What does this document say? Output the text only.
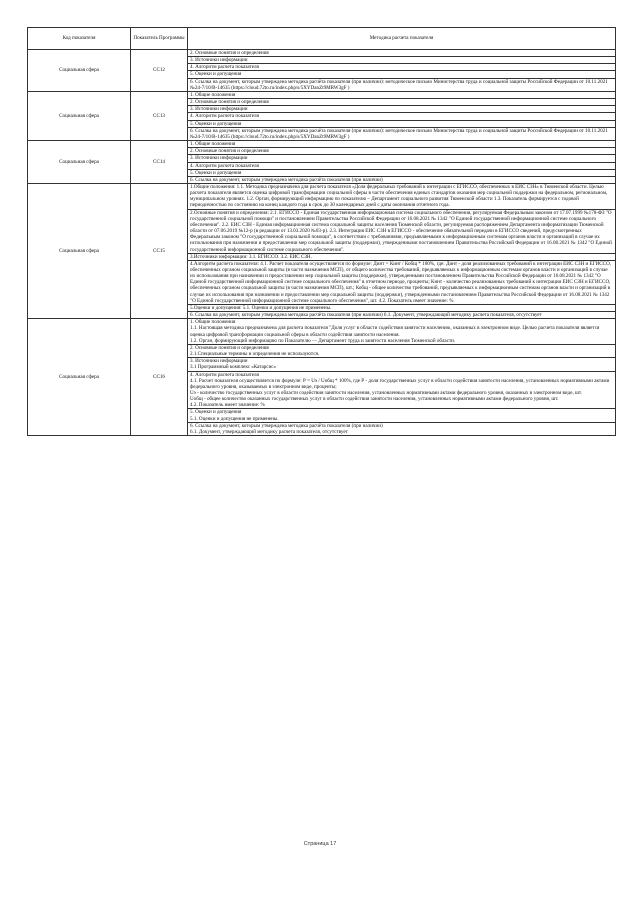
Код показателя	Показатель Программы	Методика расчета показателя
Социальная сфера	СС12	2. Основные понятия и определения
		3. Источники информации
		4. Алгоритм расчета показателя
		5. Оценки и допущения
		6. Ссылка на документ, которым утверждена методика расчёта показателя (при наличии): методическое письмо Министерства труда и социальной защиты Российской Федерации от 10.11.2021 №24-7/10/В-14635 (https://cloud.72to.ru/index.php/s/5XYDanZt9MRW3gF )
Социальная сфера	СС13	1. Общие положения
		2. Основные понятия и определения
		3. Источники информации
		4. Алгоритм расчета показателя
		5. Оценки и допущения
		6. Ссылка на документ, которым утверждена методика расчёта показателя (при наличии): методическое письмо Министерства труда и социальной защиты Российской Федерации от 10.11.2021 №24-7/10/В-14635 (https://cloud.72to.ru/index.php/s/5XYDanZt9MRW3gF )
Социальная сфера	СС14	1. Общие положения
		2. Основные понятия и определения
		3. Источники информации
		4. Алгоритм расчета показателя
		5. Оценки и допущения
		6. Ссылка на документ, которым утверждена методика расчёта показателя (при наличии)
Социальная сфера	СС15	1.Общие положения: 1.1. Методика предназначена для расчета показателя «Доля федеральных требований к интеграции с ЕГИССО, обеспеченных в ЕИС СЗН» в Тюменской области. Целью расчета показателя является оценка цифровой трансформации социальной сферы в части обеспечения единых стандартов оказания мер социальной поддержки на федеральном, региональном, муниципальном уровнях. 1.2. Орган, формирующий информацию по показателю – Департамент социального развития Тюменской области 1.3. Показатель формируется с годовой периодичностью по состоянию на конец каждого года в срок до 30 календарных дней с даты окончания отчетного года.
		2.Основные понятия и определения: 2.1. ЕГИССО - Единая государственная информационная система социального обеспечения, регулируемая Федеральным законом от 17.07.1999 №178-ФЗ "О государственной социальной помощи" и постановлением Правительства Российской Федерации от 16.08.2021 № 1342 "О Единой государственной информационной системе социального обеспечения". 2.2. ЕИС СЗН - Единая информационная система социальной защиты населения Тюменской области, регулируемая распоряжением Департамента информатизации Тюменской области от 07.06.2019 №12-р (в редакции от 13.03.2020 №03-р). 2.3. Интеграция ЕИС СЗН в ЕГИССО - обеспечение обязательной передачи в ЕГИССО сведений, предусмотренных Федеральным законом "О государственной социальной помощи", в соответствии с требованиями, предъявляемыми к информационным системам органов власти и организаций в случае их использования при назначении и предоставлении мер социальной защиты (поддержки), утвержденными постановлением Правительства Российской Федерации от 16.08.2021 № 1342 "О Единой государственной информационной системе социального обеспечения".
		3.Источники информации: 3.1. ЕГИССО. 3.2. ЕИС СЗН.
		4.Алгоритм расчета показателя: 4.1. Расчет показателя осуществляется по формуле: Динт = Кинт / Кобщ * 100%, где: Динт - доля реализованных требований к интеграции ЕИС СЗН и ЕГИССО, обеспеченных органом социальной защиты (в части назначения МСП), от общего количества требований, предъявляемых к информационным системам органов власти и организаций в случае их использования при назначении и предоставлении мер социальной защиты (поддержки), утвержденными постановлением Правительства Российской Федерации от 16.08.2021 № 1342 "О Единой государственной информационной системе социального обеспечения" в отчетном периоде, проценты; Кинт - количество реализованных требований к интеграции ЕИС СЗН и ЕГИССО, обеспеченных органом социальной защиты (в части назначения МСП), шт.; Кобщ - общее количество требований, предъявляемых к информационным системам органов власти и организаций в случае их использования при назначении и предоставлении мер социальной защиты (поддержки), утвержденными постановлением Правительства Российской Федерации от 16.08.2021 № 1342 "О Единой государственной информационной системе социального обеспечения", шт. 4.2. Показатель имеет значение: %
		5.Оценки и допущения: 5.1. Оценки и допущения не применены.
		6. Ссылка на документ, которым утверждена методика расчёта показателя (при наличии) 6.1. Документ, утверждающий методику расчета показателя, отсутствует
Социальная сфера	СС16	1. Общие положения
1.1. Настоящая методика предназначена для расчета показателя "Доля услуг в области содействия занятости населению, оказанных в электронном виде. Целью расчета показателя является оценка цифровой трансформации социальной сферы в области содействия занятости населения.
1.2. Орган, формирующий информацию по Показателю — Департамент труда и занятости населения Тюменской области.
		2. Основные понятия и определения
2.1.Специальные термины и определения не используются.
		3. Источники информации
3.1 Программный комплекс «Катарсис»
		4. Алгоритм расчета показателя
4.1. Расчет показателя осуществляется по формуле: Р = Uэ / Uобщ * 100%, где Р - доля государственных услуг в области содействия занятости населения, установленных нормативными актами федерального уровня, оказываемых в электронном виде, проценты;
Uэ - количество государственных услуг в области содействия занятости населения, установленных нормативными актами федерального уровня, оказанных в электронном виде, шт.
Uобщ - общее количество оказанных государственных услуг в области содействия занятости населения, установленных нормативными актами федерального уровня, шт.
4.2. Показатель имеет значение: %
		5. Оценки и допущения
5.1. Оценки и допущения не применены.
		6. Ссылка на документ, которым утверждена методика расчёта показателя (при наличии)
6.1. Документ, утверждающий методику расчета показателя, отсутствует
Страница 17
